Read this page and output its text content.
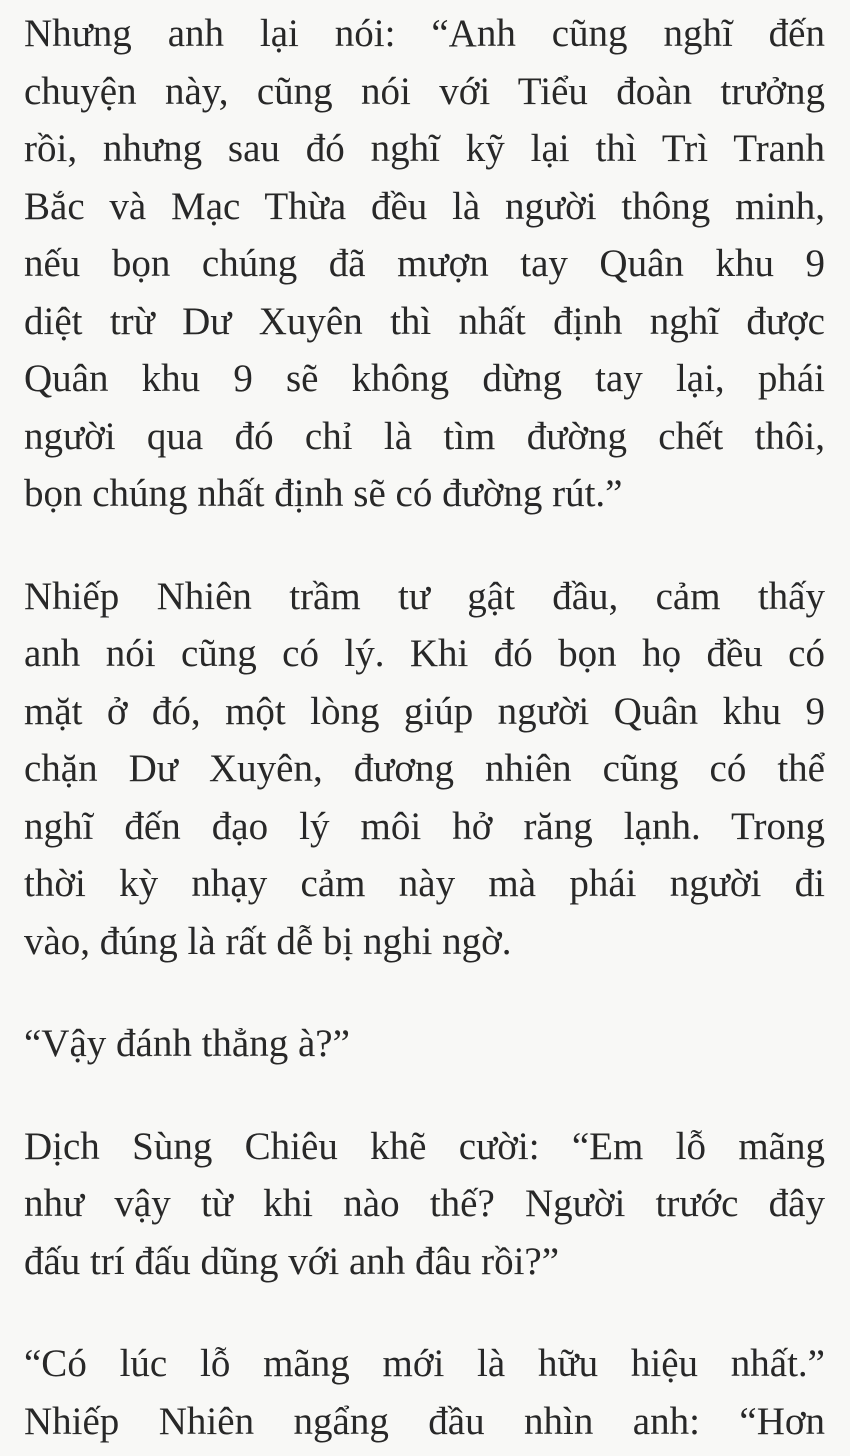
Nhưng anh lại nói: “Anh cũng nghĩ đến
chuyện này, cũng nói với Tiểu đoàn trưởng
rồi, nhưng sau đó nghĩ kỹ lại thì Trì Tranh
Bắc và Mạc Thừa đều là người thông minh,
nếu bọn chúng đã mượn tay Quân khu 9
diệt trừ Dư Xuyên thì nhất định nghĩ được
Quân khu 9 sẽ không dừng tay lại, phái
người qua đó chỉ là tìm đường chết thôi,
bọn chúng nhất định sẽ có đường rút.”
Nhiếp Nhiên trầm tư gật đầu, cảm thấy
anh nói cũng có lý. Khi đó bọn họ đều có
mặt ở đó, một lòng giúp người Quân khu 9
chặn Dư Xuyên, đương nhiên cũng có thể
nghĩ đến đạo lý môi hở răng lạnh. Trong
thời kỳ nhạy cảm này mà phái người đi
vào, đúng là rất dễ bị nghi ngờ.
“Vậy đánh thẳng à?”
Dịch Sùng Chiêu khẽ cười: “Em lỗ mãng
như vậy từ khi nào thế? Người trước đây
đấu trí đấu dũng với anh đâu rồi?”
“Có lúc lỗ mãng mới là hữu hiệu nhất.”
Nhiếp Nhiên ngẩng đầu nhìn anh: “Hơn
